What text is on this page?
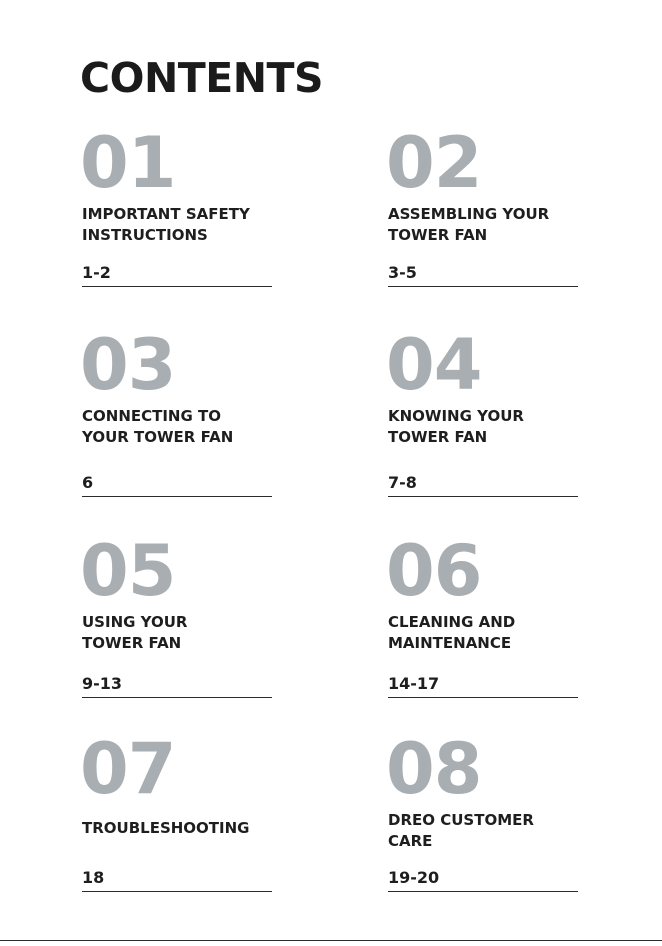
CONTENTS
01
IMPORTANT SAFETY
INSTRUCTIONS
1-2
02
ASSEMBLING YOUR
TOWER FAN
3-5
03
CONNECTING TO
YOUR TOWER FAN
6
04
KNOWING YOUR
TOWER FAN
7-8
05
USING YOUR
TOWER FAN
9-13
06
CLEANING AND
MAINTENANCE
14-17
07
TROUBLESHOOTING
18
08
DREO CUSTOMER
CARE
19-20
